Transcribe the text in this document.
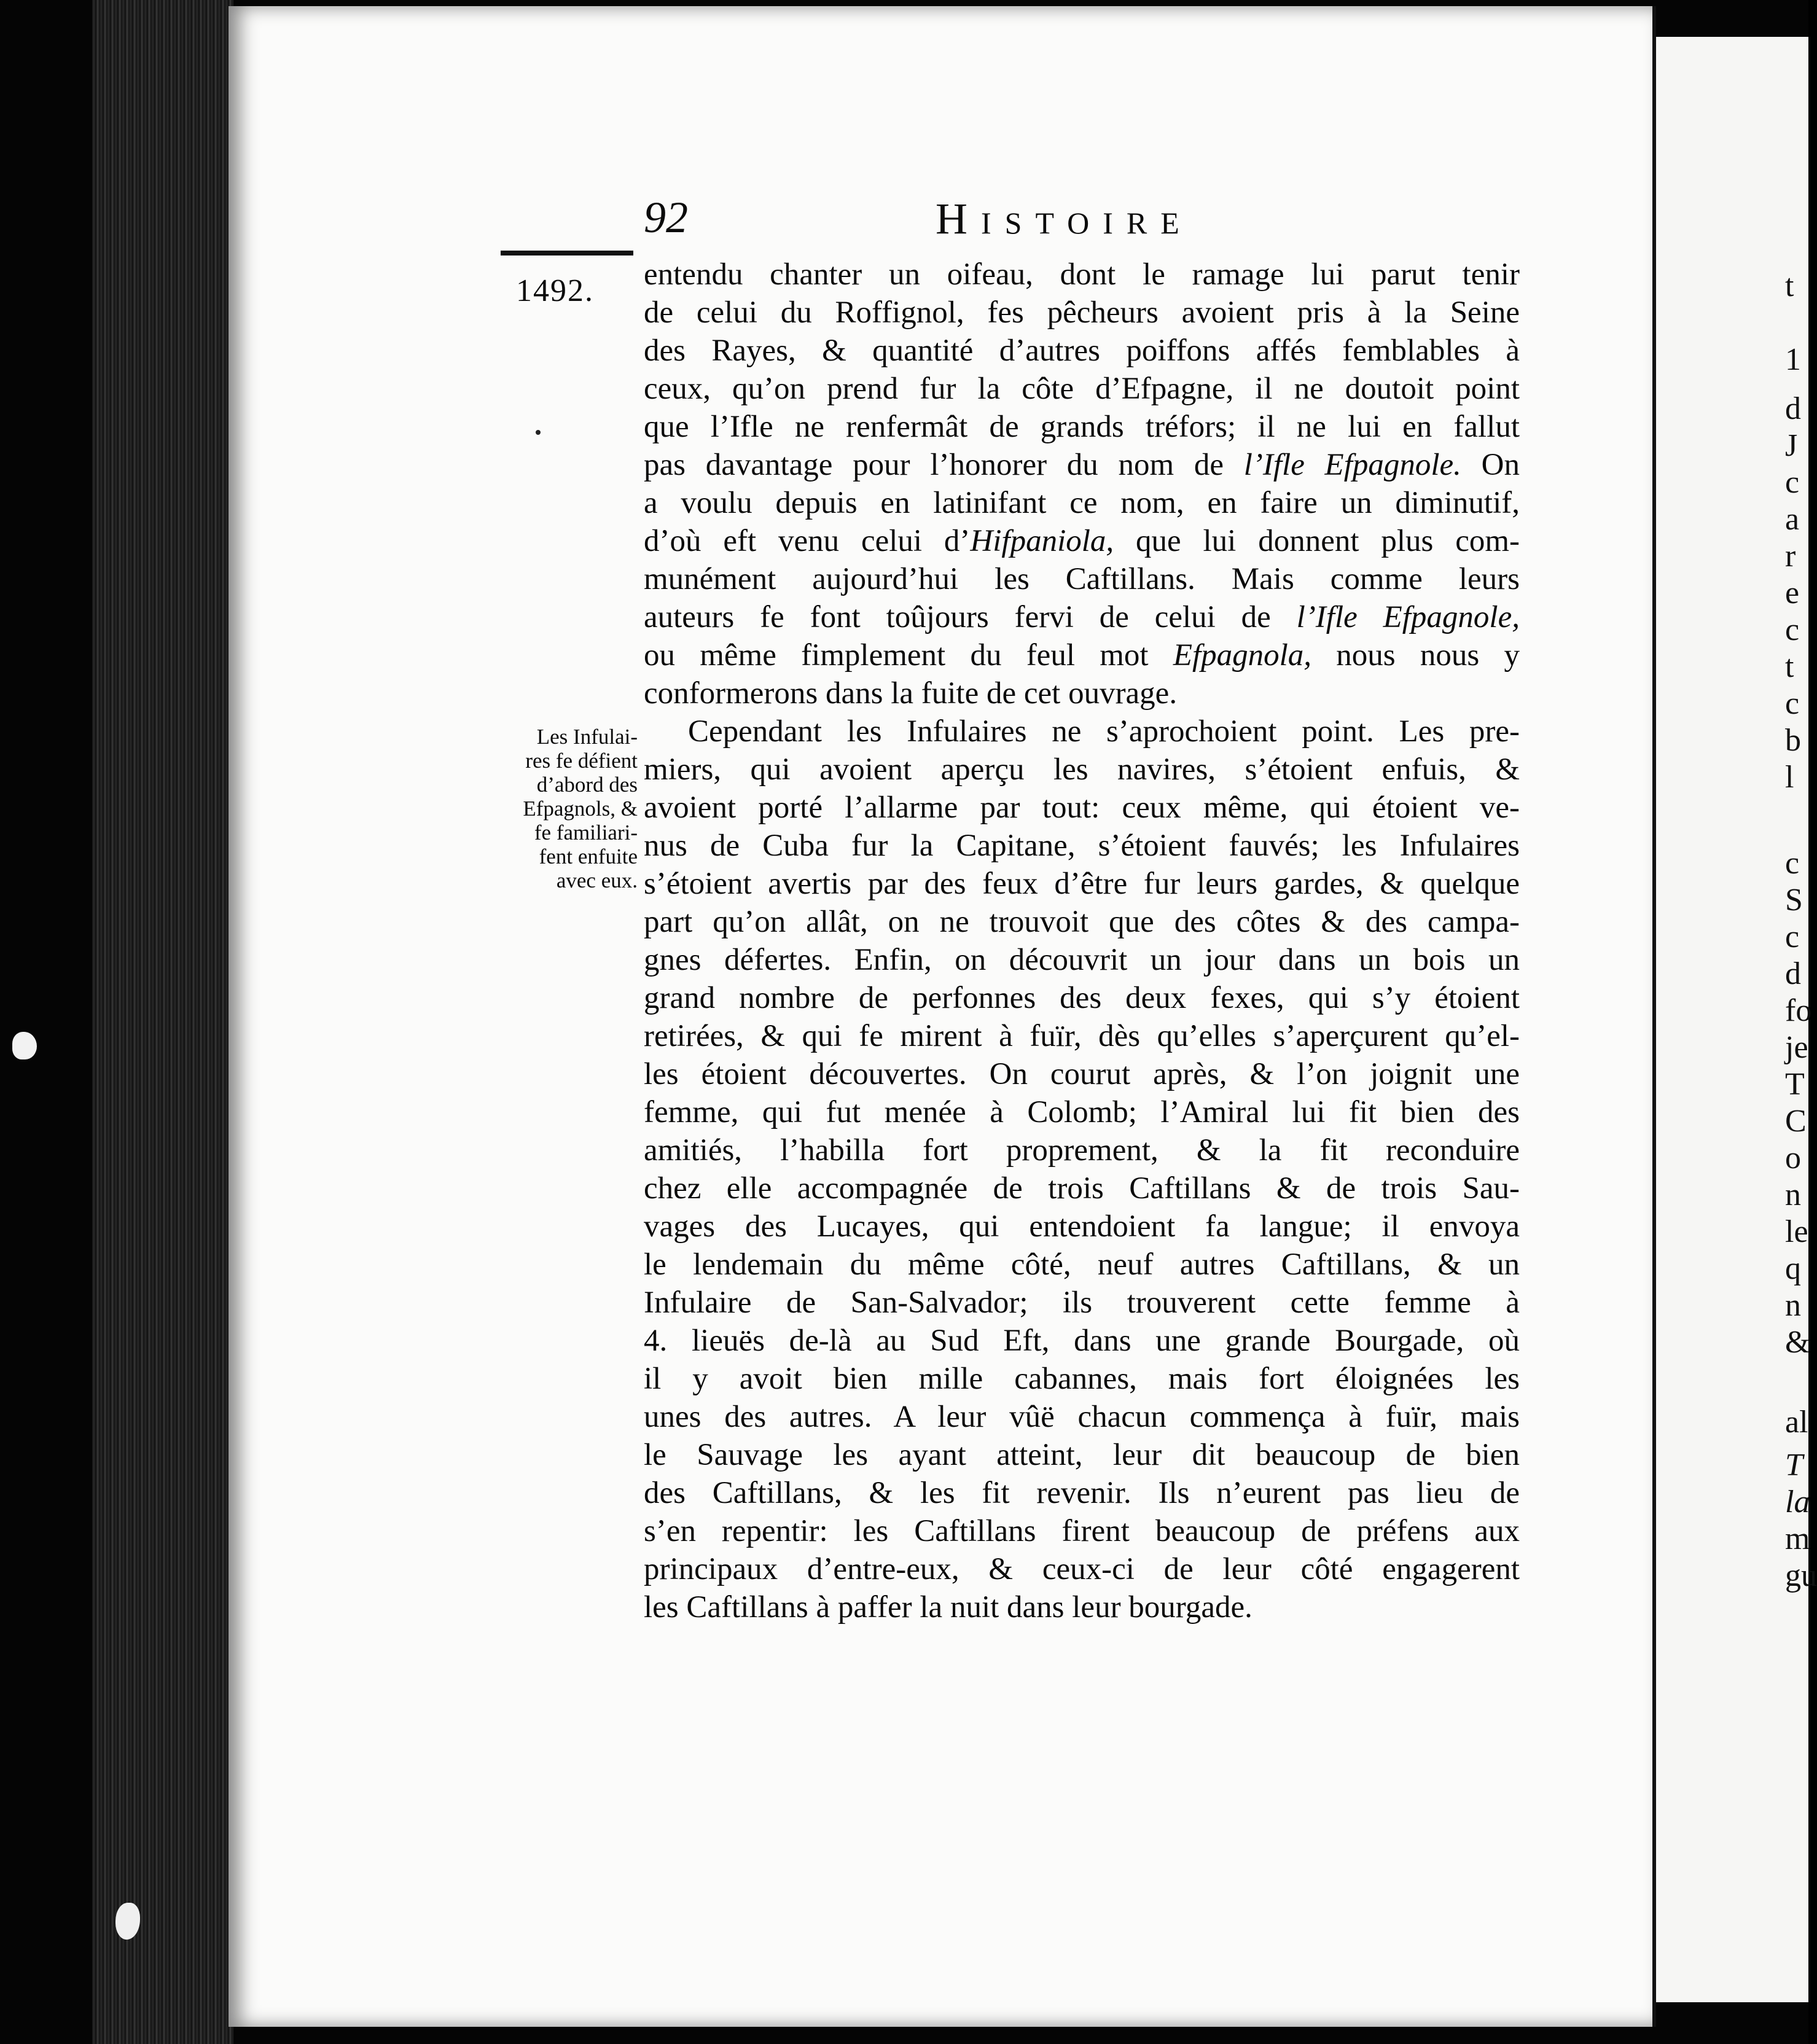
t
1
d
J
c
a
r
e
c
t
c
b
l
c
S
c
d
fo
je
T
C
o
n
le
q
n
&
al
T
la
m
gu
92	Histoire
1492.
Les Infulai-
res fe défient
d’abord des
Efpagnols, &
fe familiari-
fent enfuite
avec eux.
entendu chanter un oifeau, dont le ramage lui parut tenir
de celui du Roffignol, fes pêcheurs avoient pris à la Seine
des Rayes, & quantité d’autres poiffons affés femblables à
ceux, qu’on prend fur la côte d’Efpagne, il ne doutoit point
que l’Ifle ne renfermât de grands tréfors; il ne lui en fallut
pas davantage pour l’honorer du nom de l’Ifle Efpagnole. On
a voulu depuis en latinifant ce nom, en faire un diminutif,
d’où eft venu celui d’Hifpaniola, que lui donnent plus com-
munément aujourd’hui les Caftillans. Mais comme leurs
auteurs fe font toûjours fervi de celui de l’Ifle Efpagnole,
ou même fimplement du feul mot Efpagnola, nous nous y
conformerons dans la fuite de cet ouvrage.
Cependant les Infulaires ne s’aprochoient point. Les pre-
miers, qui avoient aperçu les navires, s’étoient enfuis, &
avoient porté l’allarme par tout: ceux même, qui étoient ve-
nus de Cuba fur la Capitane, s’étoient fauvés; les Infulaires
s’étoient avertis par des feux d’être fur leurs gardes, & quelque
part qu’on allât, on ne trouvoit que des côtes & des campa-
gnes défertes. Enfin, on découvrit un jour dans un bois un
grand nombre de perfonnes des deux fexes, qui s’y étoient
retirées, & qui fe mirent à fuïr, dès qu’elles s’aperçurent qu’el-
les étoient découvertes. On courut après, & l’on joignit une
femme, qui fut menée à Colomb; l’Amiral lui fit bien des
amitiés, l’habilla fort proprement, & la fit reconduire
chez elle accompagnée de trois Caftillans & de trois Sau-
vages des Lucayes, qui entendoient fa langue; il envoya
le lendemain du même côté, neuf autres Caftillans, & un
Infulaire de San-Salvador; ils trouverent cette femme à
4. lieuës de-là au Sud Eft, dans une grande Bourgade, où
il y avoit bien mille cabannes, mais fort éloignées les
unes des autres. A leur vûë chacun commença à fuïr, mais
le Sauvage les ayant atteint, leur dit beaucoup de bien
des Caftillans, & les fit revenir. Ils n’eurent pas lieu de
s’en repentir: les Caftillans firent beaucoup de préfens aux
principaux d’entre-eux, & ceux-ci de leur côté engagerent
les Caftillans à paffer la nuit dans leur bourgade.
